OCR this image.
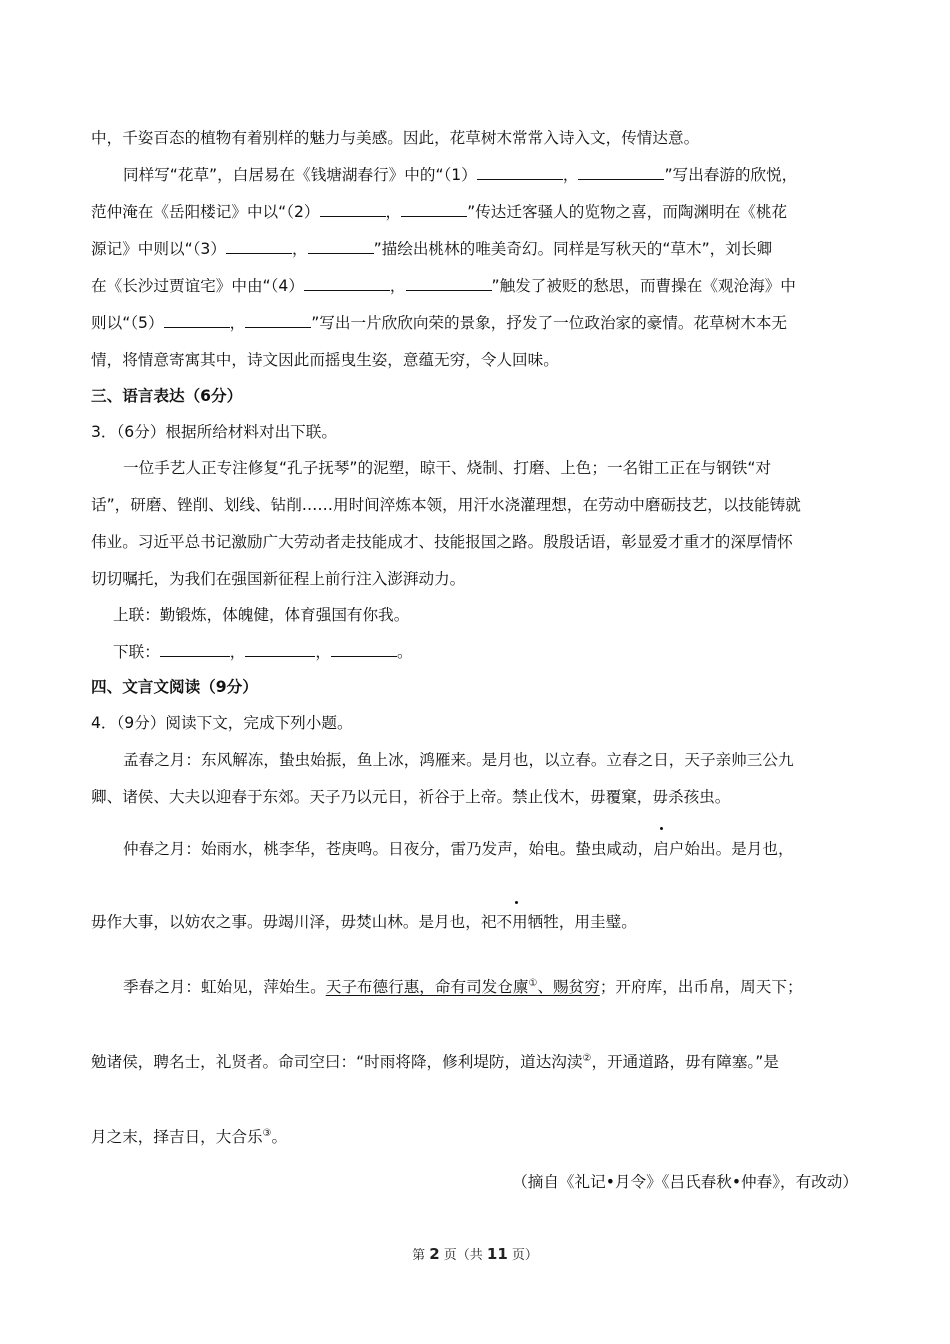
中，千姿百态的植物有着别样的魅力与美感。因此，花草树木常常入诗入文，传情达意。
同样写“花草”，白居易在《钱塘湖春行》中的“（1）	，	”写出春游的欣悦，
范仲淹在《岳阳楼记》中以“（2）	，	”传达迁客骚人的览物之喜，而陶渊明在《桃花
源记》中则以“（3）	，	”描绘出桃林的唯美奇幻。同样是写秋天的“草木”，刘长卿
在《长沙过贾谊宅》中由“（4）	，	”触发了被贬的愁思，而曹操在《观沧海》中
则以“（5）	，	”写出一片欣欣向荣的景象，抒发了一位政治家的豪情。花草树木本无
情，将情意寄寓其中，诗文因此而摇曳生姿，意蕴无穷，令人回味。
三、语言表达（6分）
3．（6分）根据所给材料对出下联。
一位手艺人正专注修复“孔子抚琴”的泥塑，晾干、烧制、打磨、上色；一名钳工正在与钢铁“对
话”，研磨、锉削、划线、钻削……用时间淬炼本领，用汗水浇灌理想，在劳动中磨砺技艺，以技能铸就
伟业。习近平总书记激励广大劳动者走技能成才、技能报国之路。殷殷话语，彰显爱才重才的深厚情怀
切切嘱托，为我们在强国新征程上前行注入澎湃动力。
上联：勤锻炼，体魄健，体育强国有你我。
下联：	，	，	。
四、文言文阅读（9分）
4．（9分）阅读下文，完成下列小题。
孟春之月：东风解冻，蛰虫始振，鱼上冰，鸿雁来。是月也，以立春。立春之日，天子亲帅三公九
卿、诸侯、大夫以迎春于东郊。天子乃以元日，祈谷于上帝。禁止伐木，毋覆窠，毋杀孩虫。
仲春之月：始雨水，桃李华，苍庚鸣。日夜分，雷乃发声，始电。蛰虫咸动，启户始出。是月也，
毋作大事，以妨农之事。毋竭川泽，毋焚山林。是月也，祀不用牺牲，用圭璧。
季春之月：虹始见，萍始生。天子布德行惠，命有司发仓廪①、赐贫穷；开府库，出币帛，周天下；
勉诸侯，聘名士，礼贤者。命司空曰：“时雨将降，修利堤防，道达沟渎②，开通道路，毋有障塞。”是
月之末，择吉日，大合乐③。
（摘自《礼记•月令》《吕氏春秋•仲春》，有改动）
第 2 页（共 11 页）
